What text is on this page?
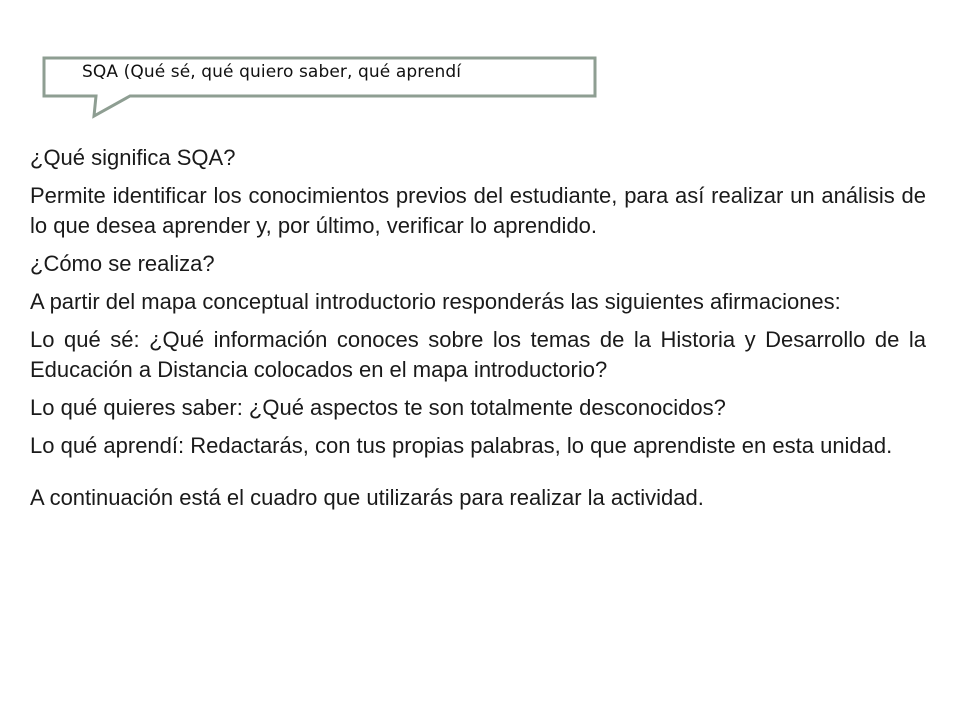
SQA (Qué sé, qué quiero saber, qué aprendí

¿Qué significa SQA?

Permite identificar los conocimientos previos del estudiante, para así realizar un análisis de lo que desea aprender y, por último, verificar lo aprendido.

¿Cómo se realiza?

A partir del mapa conceptual introductorio responderás las siguientes afirmaciones:

Lo qué sé: ¿Qué información conoces sobre los temas de la Historia y Desarrollo de la Educación a Distancia colocados en el mapa introductorio?

Lo qué quieres saber: ¿Qué aspectos te son totalmente desconocidos?

Lo qué aprendí: Redactarás, con tus propias palabras, lo que aprendiste en esta unidad.

A continuación está el cuadro que utilizarás para realizar la actividad.
